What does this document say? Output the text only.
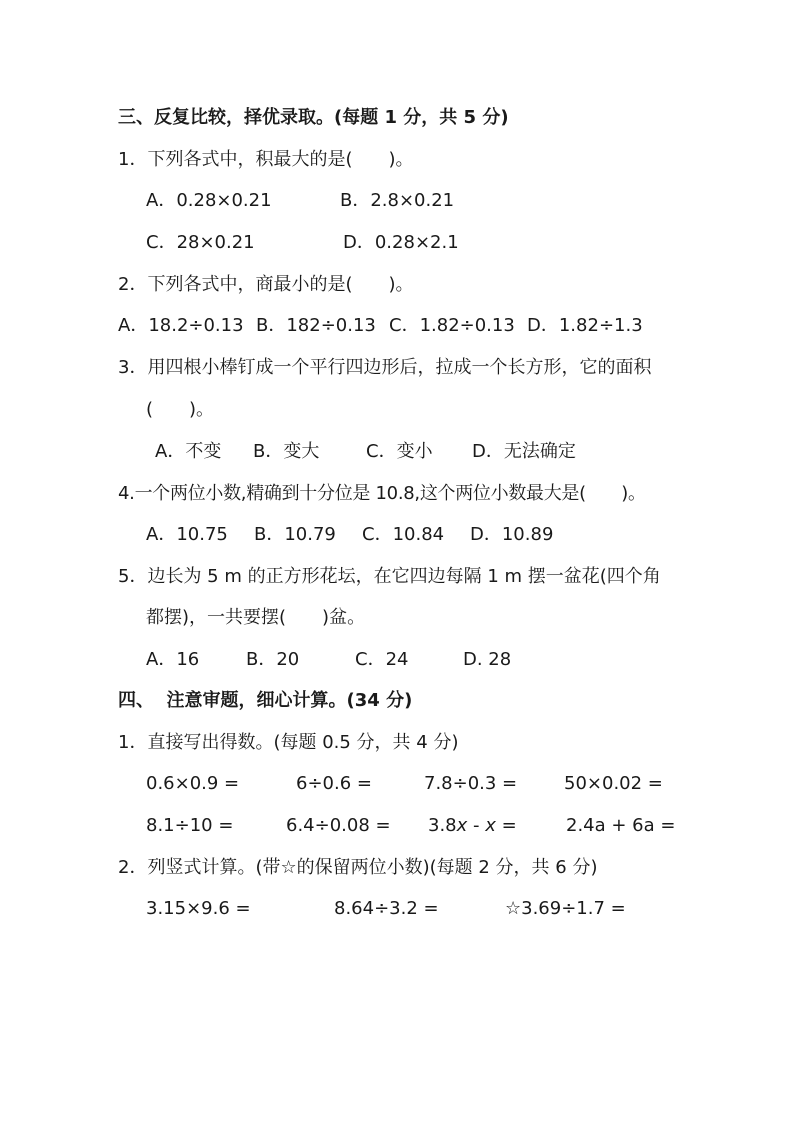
三、反复比较，择优录取。(每题 1 分，共 5 分)
1．下列各式中，积最大的是(　　)。
A．0.28×0.21	B．2.8×0.21
C．28×0.21	D．0.28×2.1
2．下列各式中，商最小的是(　　)。
A．18.2÷0.13 B．182÷0.13 C．1.82÷0.13 D．1.82÷1.3
3．用四根小棒钉成一个平行四边形后，拉成一个长方形，它的面积
(　　)。
A．不变 B．变大	C．变小 D．无法确定
4.一个两位小数,精确到十分位是 10.8,这个两位小数最大是(　　)。
A．10.75 B．10.79 C．10.84 D．10.89
5．边长为 5 m 的正方形花坛，在它四边每隔 1 m 摆一盆花(四个角
都摆)，一共要摆(　　)盆。
A．16	B．20	C．24	D. 28
四、  注意审题，细心计算。(34 分)
1．直接写出得数。(每题 0.5 分，共 4 分)
0.6×0.9 =	6÷0.6 =	7.8÷0.3 =	50×0.02 =
8.1÷10 =	6.4÷0.08 = 3.8x - x =	2.4a + 6a =
2．列竖式计算。(带☆的保留两位小数)(每题 2 分，共 6 分)
3.15×9.6 =	8.64÷3.2 =	☆3.69÷1.7 =
